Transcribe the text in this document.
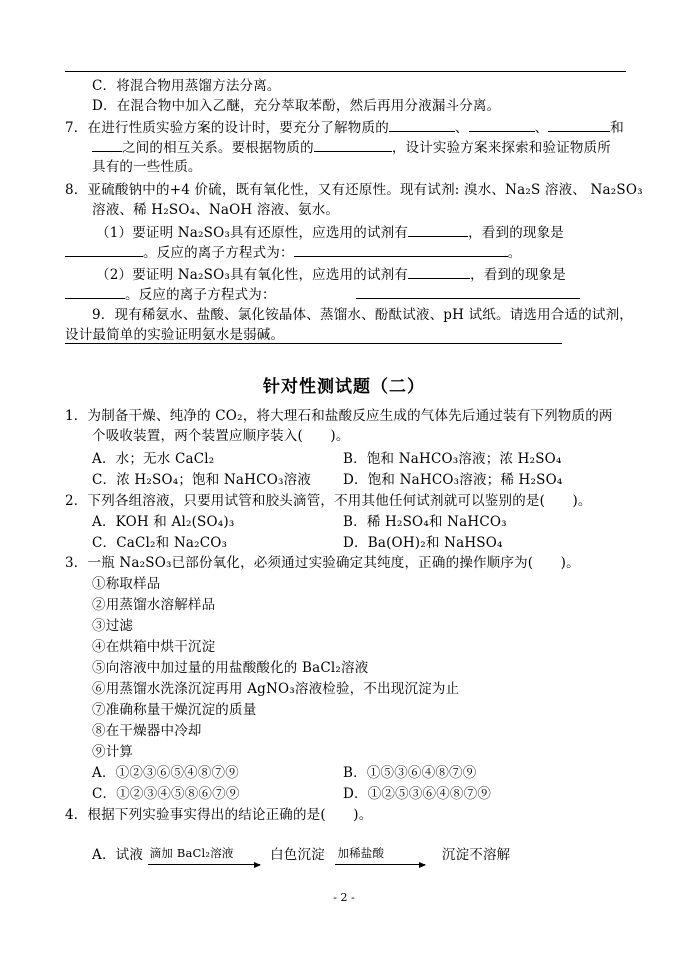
C．将混合物用蒸馏方法分离。
D．在混合物中加入乙醚，充分萃取苯酚，然后再用分液漏斗分离。
7．在进行性质实验方案的设计时，要充分了解物质的	、	、	和
之间的相互关系。要根据物质的	，设计实验方案来探索和验证物质所
具有的一些性质。
8．亚硫酸钠中的+4 价硫，既有氧化性，又有还原性。现有试剂: 溴水、Na₂S 溶液、 Na₂SO₃
溶液、稀 H₂SO₄、NaOH 溶液、氨水。
（1）要证明 Na₂SO₃具有还原性，应选用的试剂有	，看到的现象是
。反应的离子方程式为：	。
（2）要证明 Na₂SO₃具有氧化性，应选用的试剂有	，看到的现象是
。反应的离子方程式为：
9．现有稀氨水、盐酸、氯化铵晶体、蒸馏水、酚酞试液、pH 试纸。请选用合适的试剂，
设计最简单的实验证明氨水是弱碱。
针对性测试题（二）
1．为制备干燥、纯净的 CO₂，将大理石和盐酸反应生成的气体先后通过装有下列物质的两
个吸收装置，两个装置应顺序装入(　　)。
A．水；无水 CaCl₂	B．饱和 NaHCO₃溶液；浓 H₂SO₄
C．浓 H₂SO₄；饱和 NaHCO₃溶液 D．饱和 NaHCO₃溶液；稀 H₂SO₄
2．下列各组溶液，只要用试管和胶头滴管，不用其他任何试剂就可以鉴别的是(　　)。
A．KOH 和 Al₂(SO₄)₃	B．稀 H₂SO₄和 NaHCO₃
C．CaCl₂和 Na₂CO₃	D．Ba(OH)₂和 NaHSO₄
3．一瓶 Na₂SO₃已部份氧化，必须通过实验确定其纯度，正确的操作顺序为(　　)。
①称取样品
②用蒸馏水溶解样品
③过滤
④在烘箱中烘干沉淀
⑤向溶液中加过量的用盐酸酸化的 BaCl₂溶液
⑥用蒸馏水洗涤沉淀再用 AgNO₃溶液检验，不出现沉淀为止
⑦准确称量干燥沉淀的质量
⑧在干燥器中冷却
⑨计算
A．①②③⑥⑤④⑧⑦⑨	B．①⑤③⑥④⑧⑦⑨
C．①②③④⑤⑧⑥⑦⑨	D．①②⑤③⑥④⑧⑦⑨
4．根据下列实验事实得出的结论正确的是(　　)。
A．试液 滴加 BaCl₂溶液	白色沉淀 加稀盐酸	沉淀不溶解
- 2 -
